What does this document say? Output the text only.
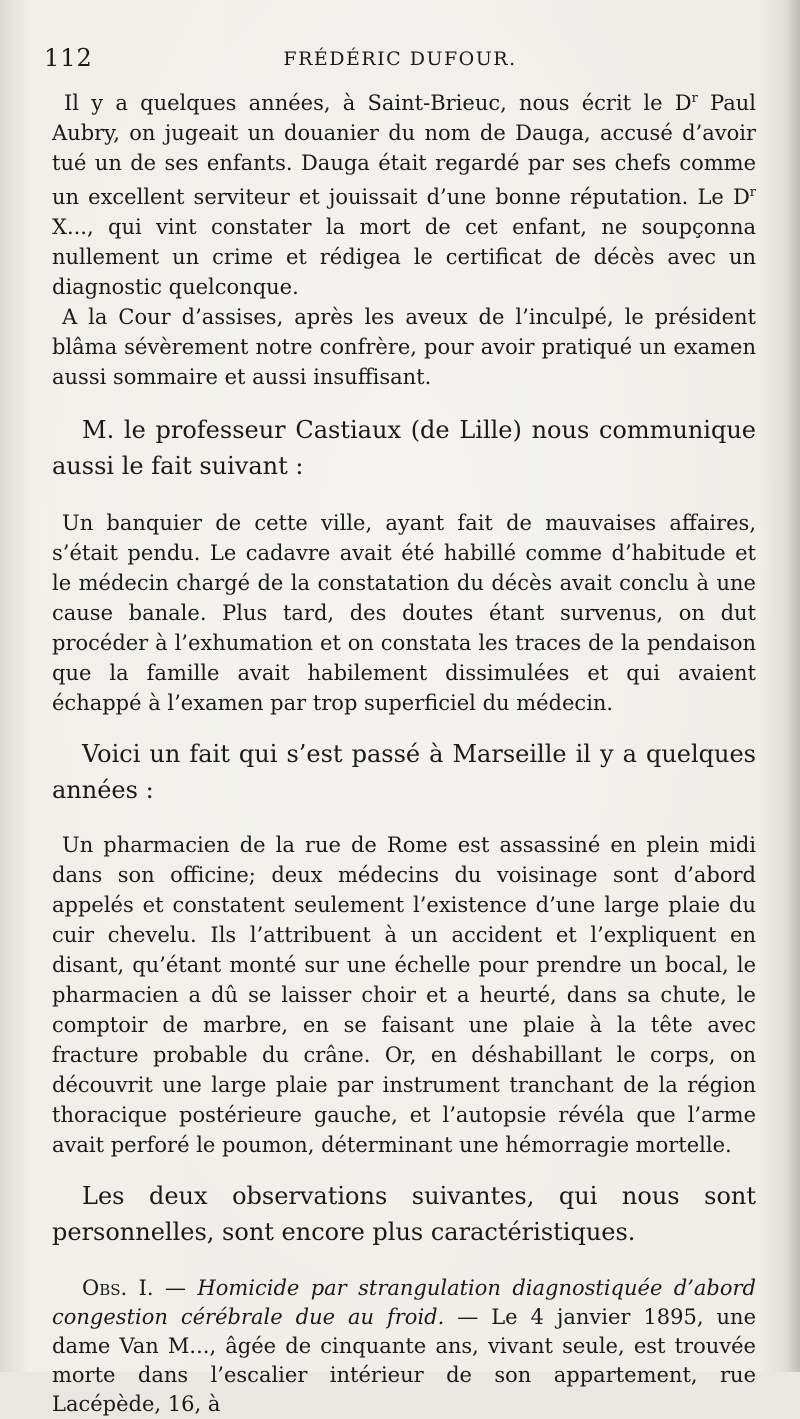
112	FRÉDÉRIC DUFOUR.

Il y a quelques années, à Saint-Brieuc, nous écrit le $D^r$ Paul Aubry, on jugeait un douanier du nom de Dauga, accusé d’avoir tué un de ses enfants. Dauga était regardé par ses chefs comme un excellent serviteur et jouissait d’une bonne réputation. Le $D^r$ X..., qui vint constater la mort de cet enfant, ne soupçonna nullement un crime et rédigea le certificat de décès avec un diagnostic quelconque.

A la Cour d’assises, après les aveux de l’inculpé, le président blâma sévèrement notre confrère, pour avoir pratiqué un examen aussi sommaire et aussi insuffisant.

M. le professeur Castiaux (de Lille) nous communique aussi le fait suivant :

Un banquier de cette ville, ayant fait de mauvaises affaires, s’était pendu. Le cadavre avait été habillé comme d’habitude et le médecin chargé de la constatation du décès avait conclu à une cause banale. Plus tard, des doutes étant survenus, on dut procéder à l’exhumation et on constata les traces de la pendaison que la famille avait habilement dissimulées et qui avaient échappé à l’examen par trop superficiel du médecin.

Voici un fait qui s’est passé à Marseille il y a quelques années :

Un pharmacien de la rue de Rome est assassiné en plein midi dans son officine; deux médecins du voisinage sont d’abord appelés et constatent seulement l’existence d’une large plaie du cuir chevelu. Ils l’attribuent à un accident et l’expliquent en disant, qu’étant monté sur une échelle pour prendre un bocal, le pharmacien a dû se laisser choir et a heurté, dans sa chute, le comptoir de marbre, en se faisant une plaie à la tête avec fracture probable du crâne. Or, en déshabillant le corps, on découvrit une large plaie par instrument tranchant de la région thoracique postérieure gauche, et l’autopsie révéla que l’arme avait perforé le poumon, déterminant une hémorragie mortelle.

Les deux observations suivantes, qui nous sont personnelles, sont encore plus caractéristiques.

Obs. I. — Homicide par strangulation diagnostiquée d’abord congestion cérébrale due au froid. — Le 4 janvier 1895, une dame Van M..., âgée de cinquante ans, vivant seule, est trouvée morte dans l’escalier intérieur de son appartement, rue Lacépède, 16, à
